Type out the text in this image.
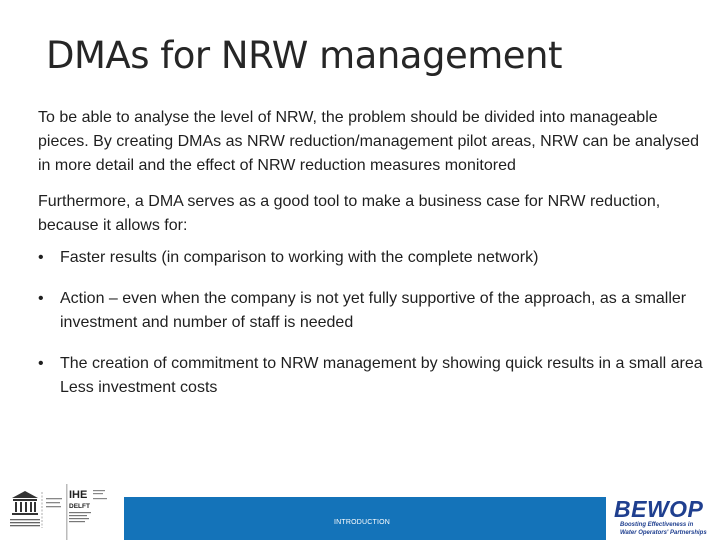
DMAs for NRW management

To be able to analyse the level of NRW, the problem should be divided into manageable pieces. By creating DMAs as NRW reduction/management pilot areas, NRW can be analysed in more detail and the effect of NRW reduction measures monitored

Furthermore, a DMA serves as a good tool to make a business case for NRW reduction, because it allows for:

• Faster results (in comparison to working with the complete network)
• Action – even when the company is not yet fully supportive of the approach, as a smaller investment and number of staff is needed
• The creation of commitment to NRW management by showing quick results in a small area Less investment costs
INTRODUCTION
IHE
DELFT	BEWOP
Boosting Effectiveness in
Water Operators' Partnerships
